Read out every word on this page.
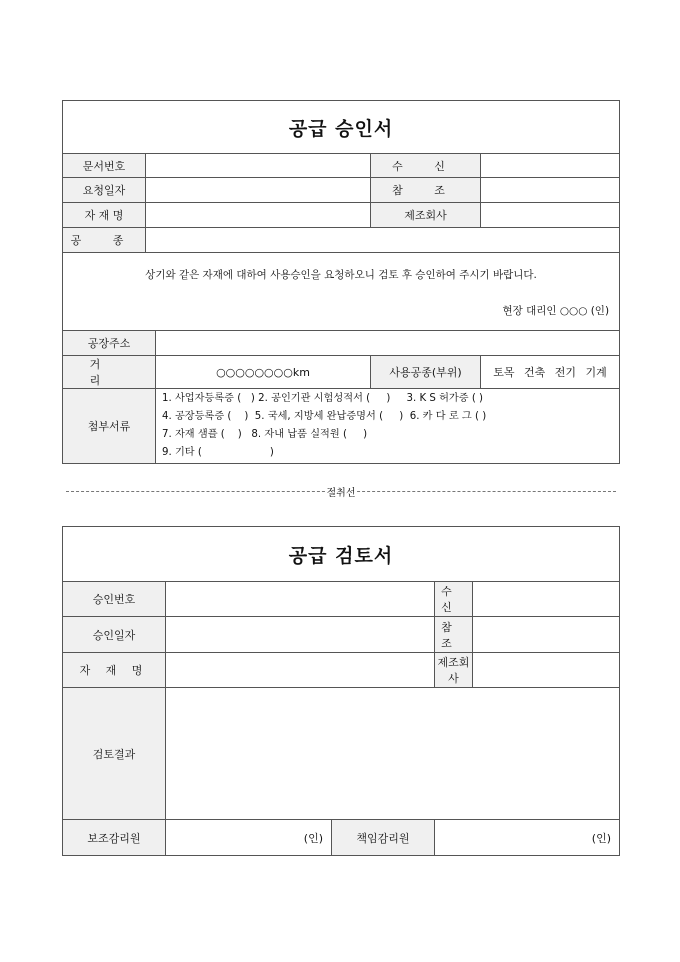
공급 승인서				
문서번호			수 신	
요청일자			참 조	
자 재 명			제조회사	
공 종				

상기와 같은 자재에 대하여 사용승인을 요청하오니 검토 후 승인하여 주시기 바랍니다.
현장 대리인 ○○○ (인)				

공장주소				
거 리		○○○○○○○○km	사용공종(부위)	토목 건축 전기 기계
첨부서류		1. 사업자등록증 (   ) 2. 공인기관 시험성적서 (     )     3. K S 허가증 ( )
4. 공장등록증 (    )  5. 국세, 지방세 완납증명서 (     )  6. 카 다 로 그 ( )
7. 자재 샘플 (    )   8. 자내 납품 실적원 (     )
9. 기타 (                     )		
절취선
공급 검토서				
승인번호			수 신	
승인일자			참 조	
자 재 명			제조회사	
검토결과				
보조감리원	(인)	책임감리원	(인)	
